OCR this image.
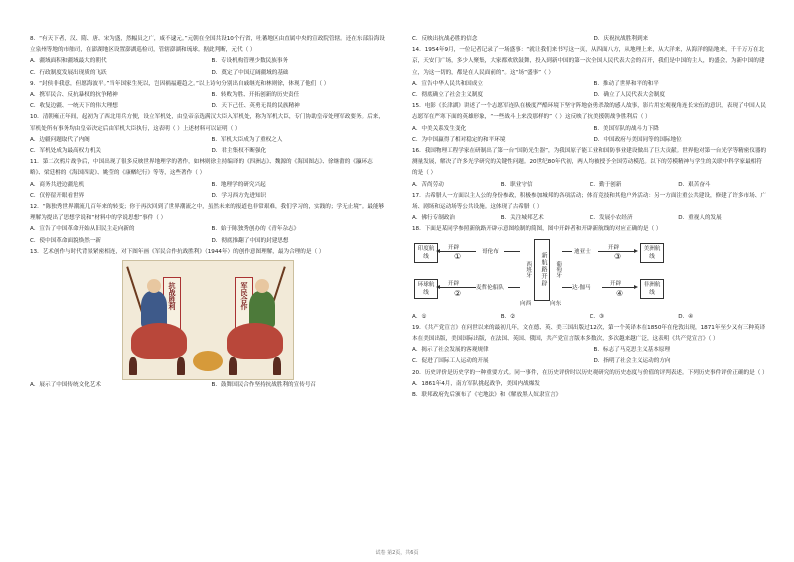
8．“有天下者，汉、隋、唐、宋为盛，然幅员之广，咸不逮元。”元朝在全国共设10个行省，吐蕃地区由直属中央的宣政院管辖。还在东部沿海设立泉州等地的市舶司，在澎湖地区设置澎湖巡检司，管辖澎湖和琉球。据此判断，元代（ ）

A．疆域面积和疆域最大的朝代	B．专设机构管理少数民族事务
C．行政制度发展出现质的飞跃	D．奠定了中国辽阔疆域的基础

9．“封侯非我意，但愿海波平。”当年国家生死以，岂因祸福避趋之。”以上诗句分别出自戚继光和林则徐，体现了他们（ ）

A．携军民合、反抗暴权的抗争精神	B．转败为胜、开拓创新的历史责任
C．收复边疆、一统天下的伟大理想	D．天下己任、英勇无畏的民族精神

10．清朝雍正年间，起初为了西北用兵方便，设立军机处，由皇帝亲选满汉大臣入军机处，称为军机大臣，专门协助皇帝处理军政要务。后来，军机处所有事务均由皇帝决定后由军机大臣执行，这表明（ ）上述材料可以证明（ ）

A．边疆问题取代了内阁	B．军机大臣成为了重权之人
C．军机处成为最高权力机关	D．君主集权不断强化

11．第二次鸦片战争后，中国出现了很多反映世界地理学的著作，如林则徐主持编译的《四洲志》、魏源的《海国图志》、徐继畬的《瀛环志略》、梁廷枏的《海国四说》、姚莹的《康輶纪行》等等，这些著作（ ）

A．商务共进边疆危机	B．地理学的研究兴起
C．仅停留开眼看世界	D．学习西方先进知识

12．“陈独秀世界潮流几百年来的转变；你于再次回到了世界潮流之中，虽然未来的报道也非常艰难，我们学习的，实践的；学无止境”。最能够理解为提出了思想学说和“材料中的学说思想”事件（ ）

A．宣告了中国革命开始从旧民主走向新的	B．始于陈独秀创办的《青年杂志》
C．使中国革命面貌焕然一新	D．彻底推翻了中国的封建思想

13．艺术创作与时代背景紧密相连，对下图年画《军民合作抗战胜利》（1944年）的创作意图理解，最为合理的是（ ）

抗战胜利	军民合作
A．展示了中国传统文化艺术	B．鼓舞国民合作坚持抗战胜利的宣传号召
C．反映出抗战必胜的信念	D．庆祝抗战胜利到来

14．1954年9月，一位记者记录了一场盛事：“就让我们来书写这一页，从四面八方，从地理上来，从大洋来，从海洋的陆地来，千千万万在北京，天安门广场，多少人聚集，大家都欢欣鼓舞，投入到新中国的第一次全国人民代表大会的召开，我们是中国的主人，的盛会，为新中国的建立，为这一切的，都是在人民面前的”。这“场”盛事”（ ）

A．宣告中华人民共和国成立	B．推动了世界和平的和平
C．彻底确立了社会主义制度	D．确立了人民代表大会制度

15．电影《长津湖》讲述了一个志愿军连队在极度严酷环境下坚守阵地奋勇杀敌的感人故事，影片用宏观视角连长宋伍的意识，表现了中国人民志愿军在严寒下面的英雄形象，“一些战斗上来没那样的”（ ）这反映了抗美援朝战争胜利后（ ）

A．中美关系发生变化	B．美国军队的战斗力下降
C．为中国赢得了相对稳定的和平环境	D．中国政府与美国同等的国际地位

16．我国物理工程学家在研制出了第一台“国防光生器”，为我国原子能工业和国防事业建设做出了巨大贡献。世界他对第一台光学等精密仪器的测量发展，解决了许多光学研究的关键性问题。20世纪80年代初，两人均被授予全国劳动模范。以下的劳模精神与学生的关联中科学家最相符的是（ ）

A．苦尚劳动	B．职业守信	C．勤于创新	D．艰苦奋斗

17．古希腊人一方面以主人公的身份参政，积极参加城邦的各项活动；体育竞技和其他户外活动：另一方面注重公共建设，修建了许多市场、广场、剧场和运动场等公共设施。这体现了古希腊（ ）

A．佛行专制政治	B．关注城邦艺术	C．发展小农经济	D．重视人的发展

18．下面是某同学参照新航路开辟示意图绘制的简图，图中开辟者和开辟新航线的对应正确的是（ ）

印度航线
环球航线
开辟
①
开辟
②
哥伦布
麦哲伦船队
西班牙
向西
新航路开辟	葡萄牙
向东
迪亚士
达·伽马
开辟
③
开辟
④
美洲航线
非洲航线
A．①	B．②	C．③	D．④

19．《共产党宣言》在问世以来的最初几年，文在德、英、美三国出版过12次，第一个英译本在1850年在伦敦出现，1871年至少又有三种英译本在美国出版，美国国际出版，在法国、英国、俄国，共产党宣言版本多数次，多次越来越广泛，这表明《共产党宣言》（ ）

A．揭示了社会发展的客观规律	B．标志了马克思主义基本原理
C．促进了国际工人运动的开展	D．指明了社会主义运动的方向

20．历史评价是历史学的一种重要方式。同一事件，在历史评价时以历史观研究的历史态度与价值的评判表述。下列历史事件评价正确的是（ ）

A．1861年4月，南方军队挑起战争，美国内战爆发
B．联邦政府先后颁布了《宅地法》和《解放黑人奴隶宣言》
试卷 第2页，共6页
